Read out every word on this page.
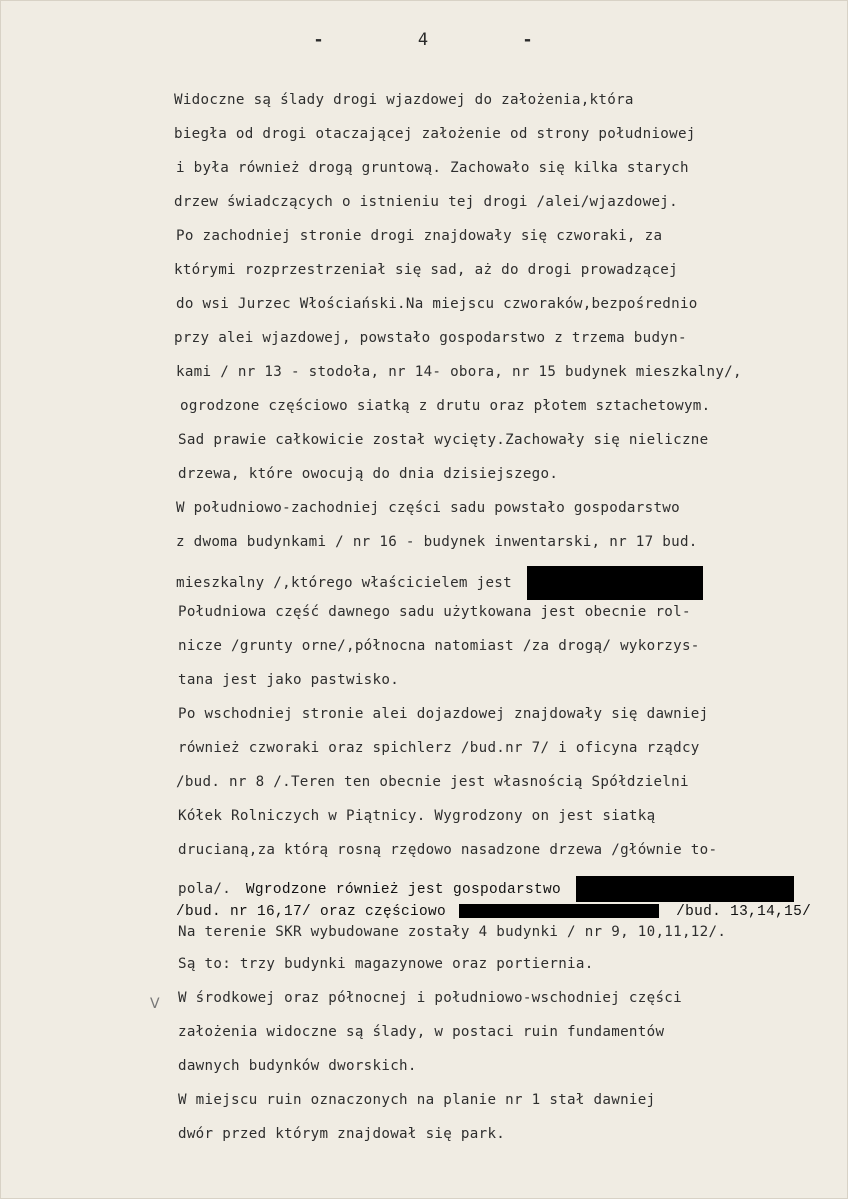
-	4	-
Widoczne są ślady drogi wjazdowej do założenia,która
biegła od drogi otaczającej założenie od strony południowej
i była również drogą gruntową. Zachowało się kilka starych
drzew świadczących o istnieniu tej drogi /alei/wjazdowej.
Po zachodniej stronie drogi znajdowały się czworaki, za
którymi rozprzestrzeniał się sad, aż do drogi prowadzącej
do wsi Jurzec Włościański.Na miejscu czworaków,bezpośrednio
przy alei wjazdowej, powstało gospodarstwo z trzema budyn-
kami / nr 13 - stodoła, nr 14- obora, nr 15 budynek mieszkalny/,
ogrodzone częściowo siatką z drutu oraz płotem sztachetowym.
Sad prawie całkowicie został wycięty.Zachowały się nieliczne
drzewa, które owocują do dnia dzisiejszego.
W południowo-zachodniej części sadu powstało gospodarstwo
z dwoma budynkami / nr 16 - budynek inwentarski, nr 17 bud.
mieszkalny /,którego właścicielem jest
Południowa część dawnego sadu użytkowana jest obecnie rol-
nicze /grunty orne/,północna natomiast /za drogą/ wykorzys-
tana jest jako pastwisko.
Po wschodniej stronie alei dojazdowej znajdowały się dawniej
również czworaki oraz spichlerz /bud.nr 7/ i oficyna rządcy
/bud. nr 8 /.Teren ten obecnie jest własnością Spółdzielni
Kółek Rolniczych w Piątnicy. Wygrodzony on jest siatką
drucianą,za którą rosną rzędowo nasadzone drzewa /głównie to-
pola/. Wgrodzone również jest gospodarstwo
/bud. nr 16,17/ oraz częściowo	/bud. 13,14,15/
Na terenie SKR wybudowane zostały 4 budynki / nr 9, 10,11,12/.
Są to: trzy budynki magazynowe oraz portiernia.
W środkowej oraz północnej i południowo-wschodniej części
założenia widoczne są ślady, w postaci ruin fundamentów
dawnych budynków dworskich.
W miejscu ruin oznaczonych na planie nr 1 stał dawniej
dwór przed którym znajdował się park.
V
